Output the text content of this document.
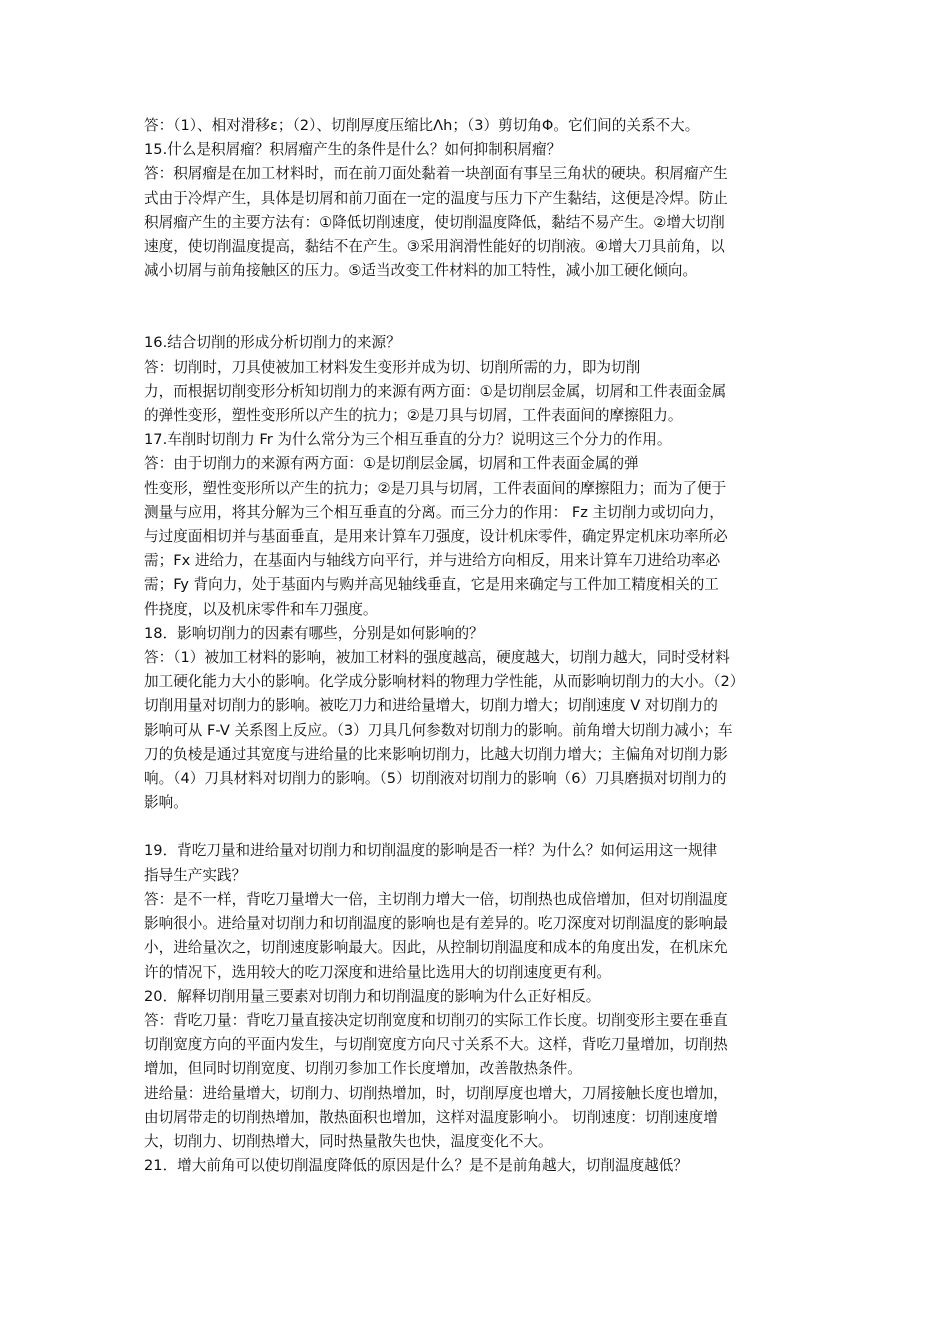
答：（1）、相对滑移ε；（2）、切削厚度压缩比Λh；（3）剪切角Φ。它们间的关系不大。
15.什么是积屑瘤？积屑瘤产生的条件是什么？如何抑制积屑瘤？
答：积屑瘤是在加工材料时，而在前刀面处黏着一块剖面有事呈三角状的硬块。积屑瘤产生
式由于冷焊产生，具体是切屑和前刀面在一定的温度与压力下产生黏结，这便是冷焊。防止
积屑瘤产生的主要方法有：①降低切削速度，使切削温度降低，黏结不易产生。②增大切削
速度，使切削温度提高，黏结不在产生。③采用润滑性能好的切削液。④增大刀具前角，以
减小切屑与前角接触区的压力。⑤适当改变工件材料的加工特性，减小加工硬化倾向。
16.结合切削的形成分析切削力的来源？
答：切削时，刀具使被加工材料发生变形并成为切、切削所需的力，即为切削
力，而根据切削变形分析知切削力的来源有两方面：①是切削层金属，切屑和工件表面金属
的弹性变形，塑性变形所以产生的抗力；②是刀具与切屑，工件表面间的摩擦阻力。
17.车削时切削力 Fr 为什么常分为三个相互垂直的分力？说明这三个分力的作用。
答：由于切削力的来源有两方面：①是切削层金属，切屑和工件表面金属的弹
性变形，塑性变形所以产生的抗力；②是刀具与切屑，工件表面间的摩擦阻力；而为了便于
测量与应用，将其分解为三个相互垂直的分离。而三分力的作用： Fz 主切削力或切向力，
与过度面相切并与基面垂直，是用来计算车刀强度，设计机床零件，确定界定机床功率所必
需；Fx 进给力，在基面内与轴线方向平行，并与进给方向相反，用来计算车刀进给功率必
需；Fy 背向力，处于基面内与购并高见轴线垂直，它是用来确定与工件加工精度相关的工
件挠度，以及机床零件和车刀强度。
18．影响切削力的因素有哪些，分别是如何影响的？
答：（1）被加工材料的影响，被加工材料的强度越高，硬度越大，切削力越大，同时受材料
加工硬化能力大小的影响。化学成分影响材料的物理力学性能，从而影响切削力的大小。（2）
切削用量对切削力的影响。被吃刀力和进给量增大，切削力增大；切削速度 V 对切削力的
影响可从 F-V 关系图上反应。（3）刀具几何参数对切削力的影响。前角增大切削力减小；车
刀的负棱是通过其宽度与进给量的比来影响切削力，比越大切削力增大；主偏角对切削力影
响。（4）刀具材料对切削力的影响。（5）切削液对切削力的影响（6）刀具磨损对切削力的
影响。
19．背吃刀量和进给量对切削力和切削温度的影响是否一样？为什么？如何运用这一规律
指导生产实践？
答：是不一样，背吃刀量增大一倍，主切削力增大一倍，切削热也成倍增加，但对切削温度
影响很小。进给量对切削力和切削温度的影响也是有差异的。吃刀深度对切削温度的影响最
小，进给量次之，切削速度影响最大。因此，从控制切削温度和成本的角度出发，在机床允
许的情况下，选用较大的吃刀深度和进给量比选用大的切削速度更有利。
20．解释切削用量三要素对切削力和切削温度的影响为什么正好相反。
答：背吃刀量：背吃刀量直接决定切削宽度和切削刃的实际工作长度。切削变形主要在垂直
切削宽度方向的平面内发生，与切削宽度方向尺寸关系不大。这样，背吃刀量增加，切削热
增加，但同时切削宽度、切削刃参加工作长度增加，改善散热条件。
进给量：进给量增大，切削力、切削热增加，时，切削厚度也增大，刀屑接触长度也增加，
由切屑带走的切削热增加，散热面积也增加，这样对温度影响小。 切削速度：切削速度增
大，切削力、切削热增大，同时热量散失也快，温度变化不大。
21．增大前角可以使切削温度降低的原因是什么？是不是前角越大，切削温度越低？
